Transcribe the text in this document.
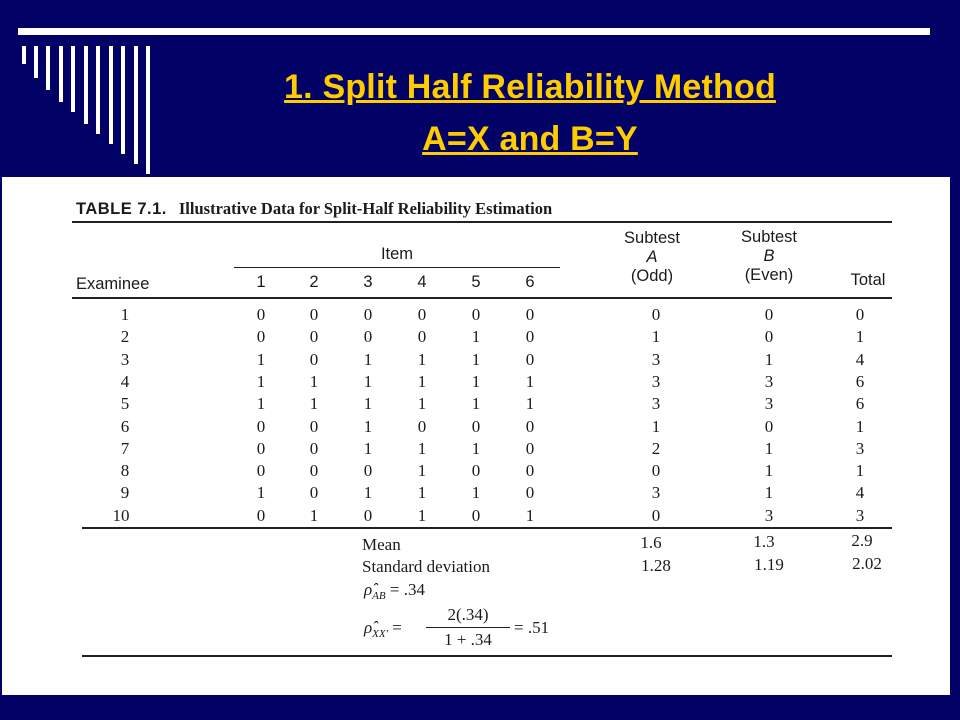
1. Split Half Reliability Method
A=X and B=Y
TABLE 7.1. Illustrative Data for Split-Half Reliability Estimation
Item
Subtest
A
(Odd)
Subtest
B
(Even)	Total
Examinee	1	2	3	4	5	6
1	0	0	0	0	0	0	0	0	0
2	0	0	0	0	1	0	1	0	1
3	1	0	1	1	1	0	3	1	4
4	1	1	1	1	1	1	3	3	6
5	1	1	1	1	1	1	3	3	6
6	0	0	1	0	0	0	1	0	1
7	0	0	1	1	1	0	2	1	3
8	0	0	0	1	0	0	0	1	1
9	1	0	1	1	1	0	3	1	4
10	0	1	0	1	0	1	0	3	3
Mean	1.6	1.3	2.9
Standard deviation	1.28	1.19	2.02
$\rhô_{AB} = .34$
$\rhô_{XX'}$ =
2(.34)
1 + .34
= .51
